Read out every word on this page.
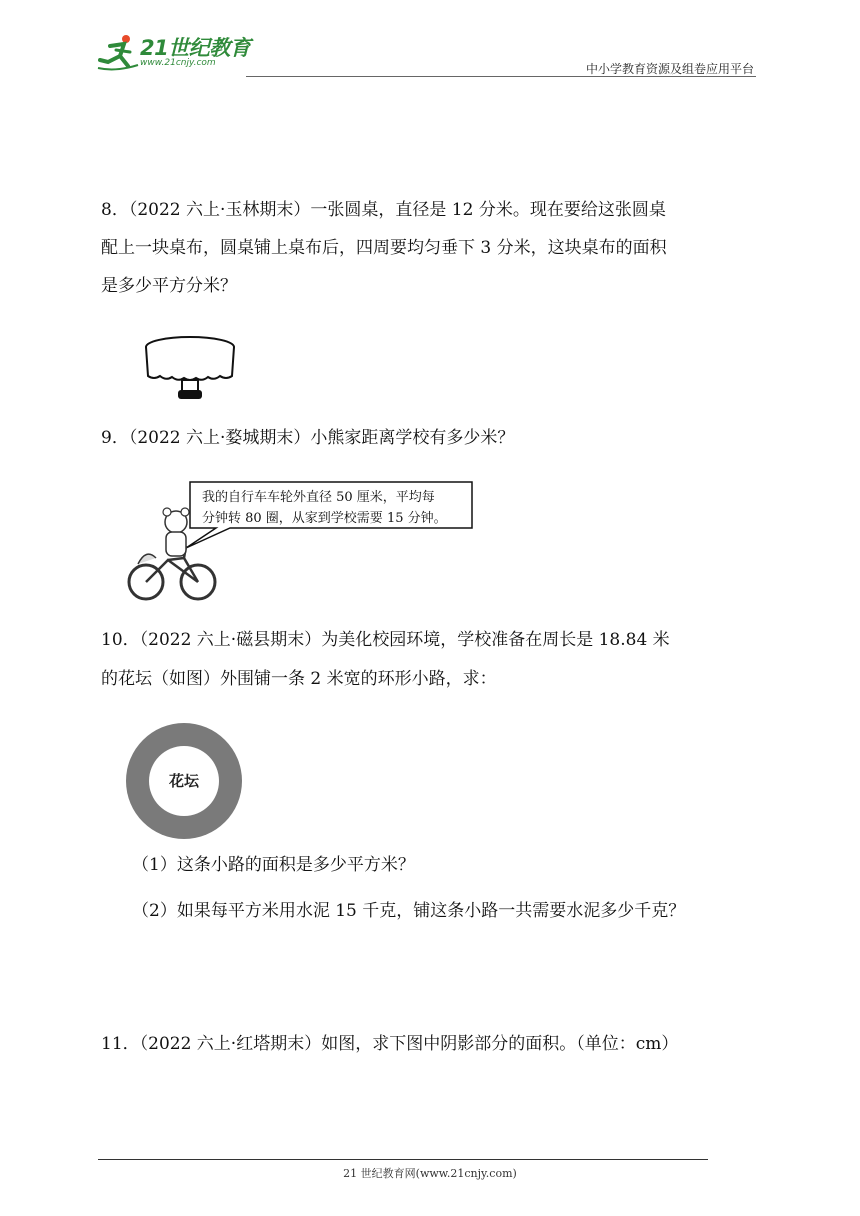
21世纪教育
www.21cnjy.com	中小学教育资源及组卷应用平台
8．（2022 六上·玉林期末）一张圆桌，直径是 12 分米。现在要给这张圆桌
配上一块桌布，圆桌铺上桌布后，四周要均匀垂下 3 分米，这块桌布的面积
是多少平方分米？
9．（2022 六上·婺城期末）小熊家距离学校有多少米？
我的自行车车轮外直径 50 厘米，平均每
分钟转 80 圈，从家到学校需要 15 分钟。
10．（2022 六上·磁县期末）为美化校园环境，学校准备在周长是 18.84 米
的花坛（如图）外围铺一条 2 米宽的环形小路，求：
花坛
（1）这条小路的面积是多少平方米？
（2）如果每平方米用水泥 15 千克，铺这条小路一共需要水泥多少千克？
11．（2022 六上·红塔期末）如图，求下图中阴影部分的面积。（单位：cm）
21 世纪教育网(www.21cnjy.com)
